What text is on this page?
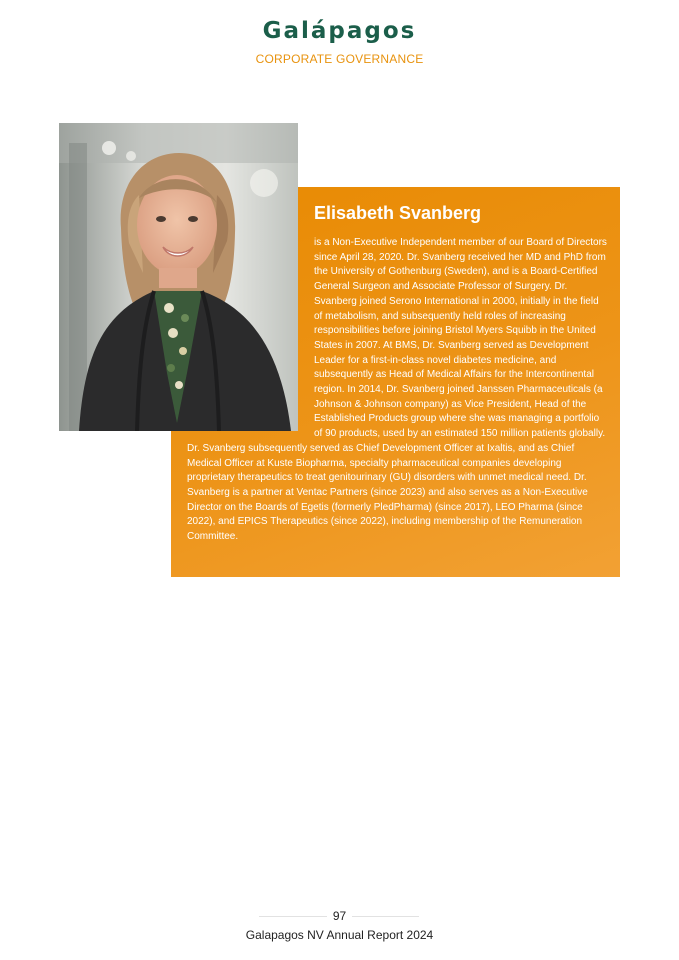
Galápagos
CORPORATE GOVERNANCE
Elisabeth Svanberg
is a Non-Executive Independent member of our Board of Directors since April 28, 2020. Dr. Svanberg received her MD and PhD from the University of Gothenburg (Sweden), and is a Board-Certified General Surgeon and Associate Professor of Surgery. Dr. Svanberg joined Serono International in 2000, initially in the field of metabolism, and subsequently held roles of increasing responsibilities before joining Bristol Myers Squibb in the United States in 2007. At BMS, Dr. Svanberg served as Development Leader for a first-in-class novel diabetes medicine, and subsequently as Head of Medical Affairs for the Intercontinental region. In 2014, Dr. Svanberg joined Janssen Pharmaceuticals (a Johnson & Johnson company) as Vice President, Head of the Established Products group where she was managing a portfolio of 90 products, used by an estimated 150 million patients globally.
Dr. Svanberg subsequently served as Chief Development Officer at Ixaltis, and as Chief Medical Officer at Kuste Biopharma, specialty pharmaceutical companies developing proprietary therapeutics to treat genitourinary (GU) disorders with unmet medical need. Dr. Svanberg is a partner at Ventac Partners (since 2023) and also serves as a Non-Executive Director on the Boards of Egetis (formerly PledPharma) (since 2017), LEO Pharma (since 2022), and EPICS Therapeutics (since 2022), including membership of the Remuneration Committee.
97
Galapagos NV Annual Report 2024
